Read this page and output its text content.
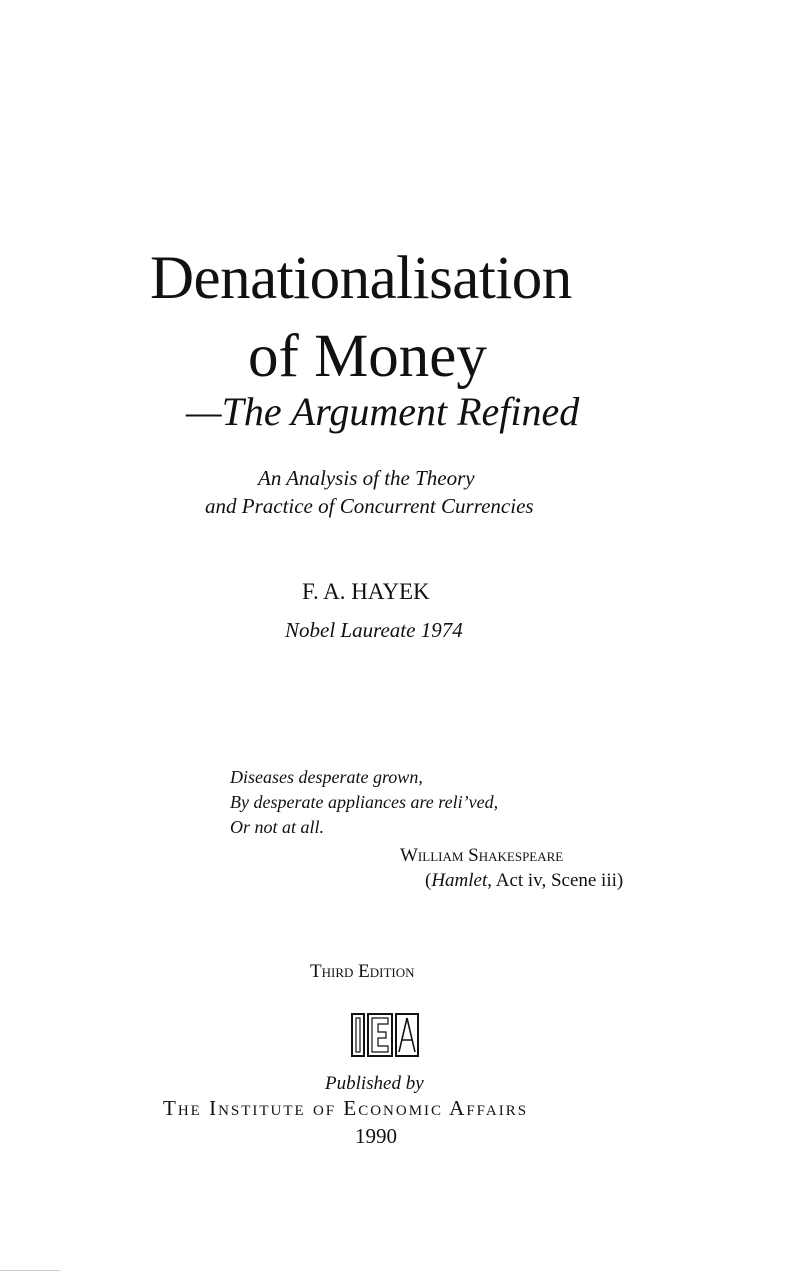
Denationalisation
of Money
—The Argument Refined
An Analysis of the Theory
and Practice of Concurrent Currencies
F. A. HAYEK
Nobel Laureate 1974
Diseases desperate grown,
By desperate appliances are reli’ved,
Or not at all.
William Shakespeare
(Hamlet, Act iv, Scene iii)
Third Edition
Published by
The Institute of Economic Affairs
1990
